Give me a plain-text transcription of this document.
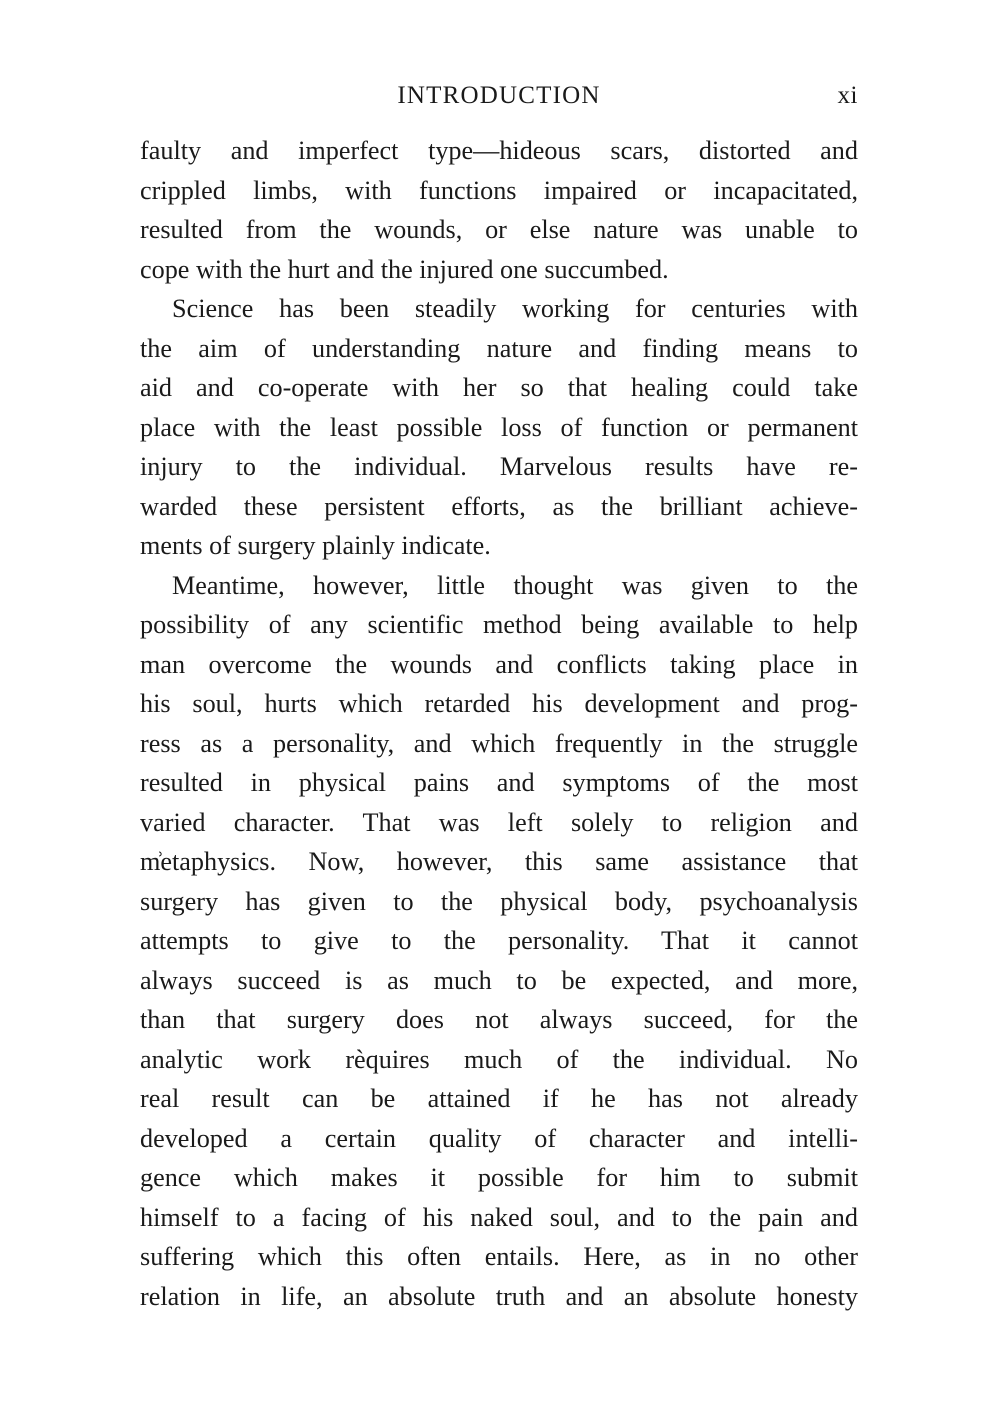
INTRODUCTION	xi
faulty and imperfect type—hideous scars, distorted and
crippled limbs, with functions impaired or incapacitated,
resulted from the wounds, or else nature was unable to
cope with the hurt and the injured one succumbed.
Science has been steadily working for centuries with
the aim of understanding nature and finding means to
aid and co-operate with her so that healing could take
place with the least possible loss of function or permanent
injury to the individual. Marvelous results have re-
warded these persistent efforts, as the brilliant achieve-
ments of surgery plainly indicate.
Meantime, however, little thought was given to the
possibility of any scientific method being available to help
man overcome the wounds and conflicts taking place in
his soul, hurts which retarded his development and prog-
ress as a personality, and which frequently in the struggle
resulted in physical pains and symptoms of the most
varied character. That was left solely to religion and
m͗etaphysics. Now, however, this same assistance that
surgery has given to the physical body, psychoanalysis
attempts to give to the personality. That it cannot
always succeed is as much to be expected, and more,
than that surgery does not always succeed, for the
analytic work rèquires much of the individual. No
real result can be attained if he has not already
developed a certain quality of character and intelli-
gence which makes it possible for him to submit
himself to a facing of his naked soul, and to the pain and
suffering which this often entails. Here, as in no other
relation in life, an absolute truth and an absolute honesty
